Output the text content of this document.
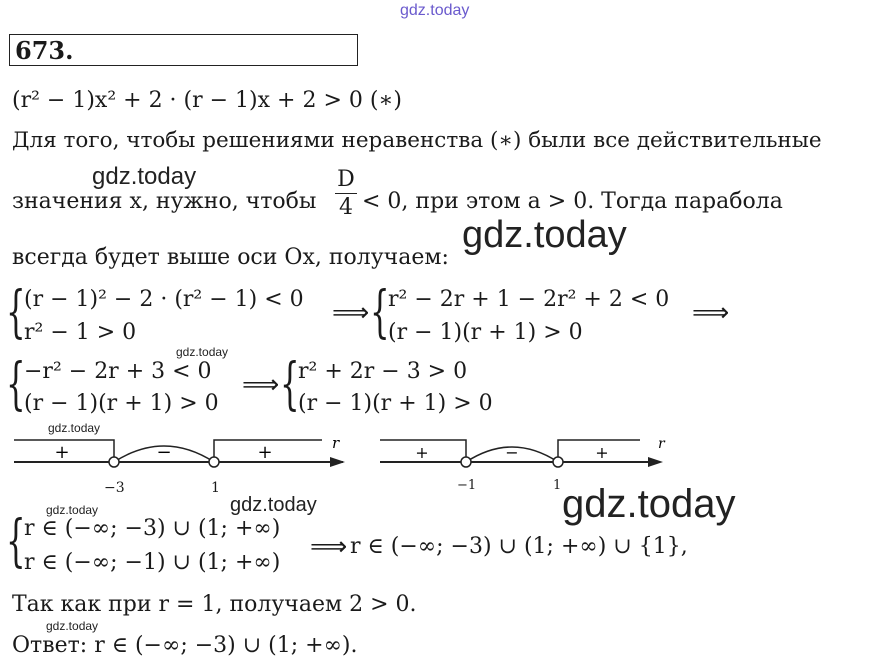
gdz.today
673.
(r² − 1)x² + 2 · (r − 1)x + 2 > 0 (∗)
Для того, чтобы решениями неравенства (∗) были все действительные
gdz.today
значения x, нужно, чтобы
D
4 < 0, при этом a > 0. Тогда парабола
gdz.today
всегда будет выше оси Ox, получаем:
{
(r − 1)² − 2 · (r² − 1) < 0
r² − 1 > 0
⟹ {
r² − 2r + 1 − 2r² + 2 < 0
(r − 1)(r + 1) > 0
⟹
gdz.today
{
−r² − 2r + 3 < 0
(r − 1)(r + 1) > 0
⟹ {
r² + 2r − 3 > 0
(r − 1)(r + 1) > 0
gdz.today
+	−	+	r
−3	1
+	−	+	r
−1	1
gdz.today	gdz.today
gdz.today
{
r ∈ (−∞; −3) ∪ (1; +∞)
r ∈ (−∞; −1) ∪ (1; +∞)
⟹ r ∈ (−∞; −3) ∪ (1; +∞) ∪ {1},
Так как при r = 1, получаем 2 > 0.
gdz.today
Ответ: r ∈ (−∞; −3) ∪ (1; +∞).
